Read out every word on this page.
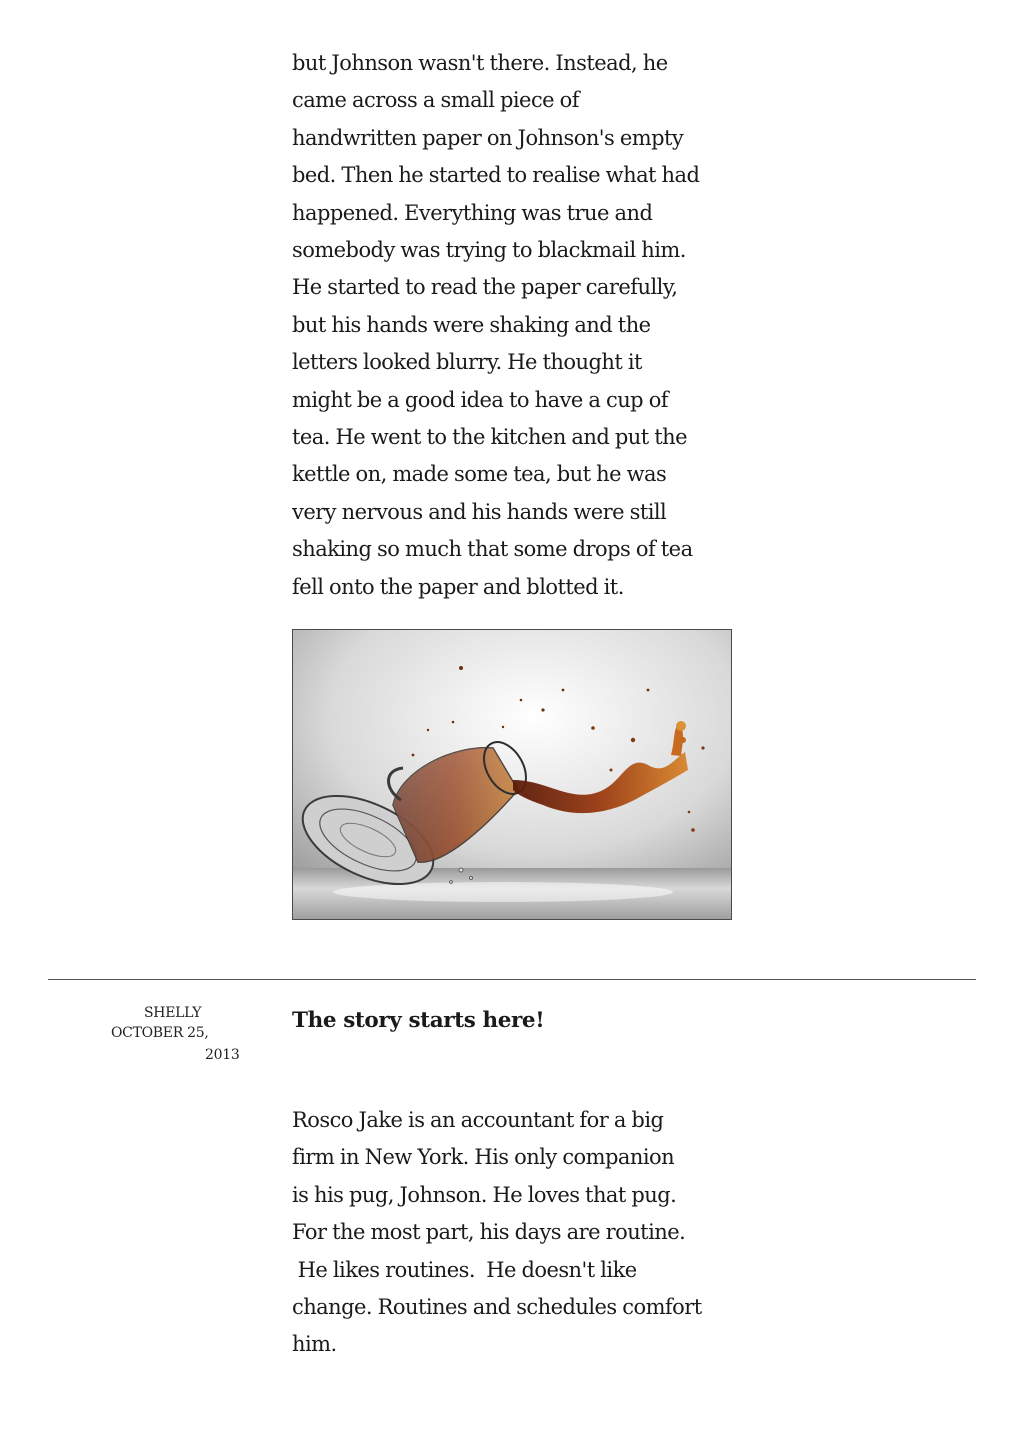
but Johnson wasn't there. Instead, he
came across a small piece of
handwritten paper on Johnson's empty
bed. Then he started to realise what had
happened. Everything was true and
somebody was trying to blackmail him.
He started to read the paper carefully,
but his hands were shaking and the
letters looked blurry. He thought it
might be a good idea to have a cup of
tea. He went to the kitchen and put the
kettle on, made some tea, but he was
very nervous and his hands were still
shaking so much that some drops of tea
fell onto the paper and blotted it.
SHELLY
OCTOBER 25,
2013
The story starts here!
Rosco Jake is an accountant for a big
firm in New York. His only companion
is his pug, Johnson. He loves that pug.
For the most part, his days are routine.
He likes routines.  He doesn't like
change. Routines and schedules comfort
him.
